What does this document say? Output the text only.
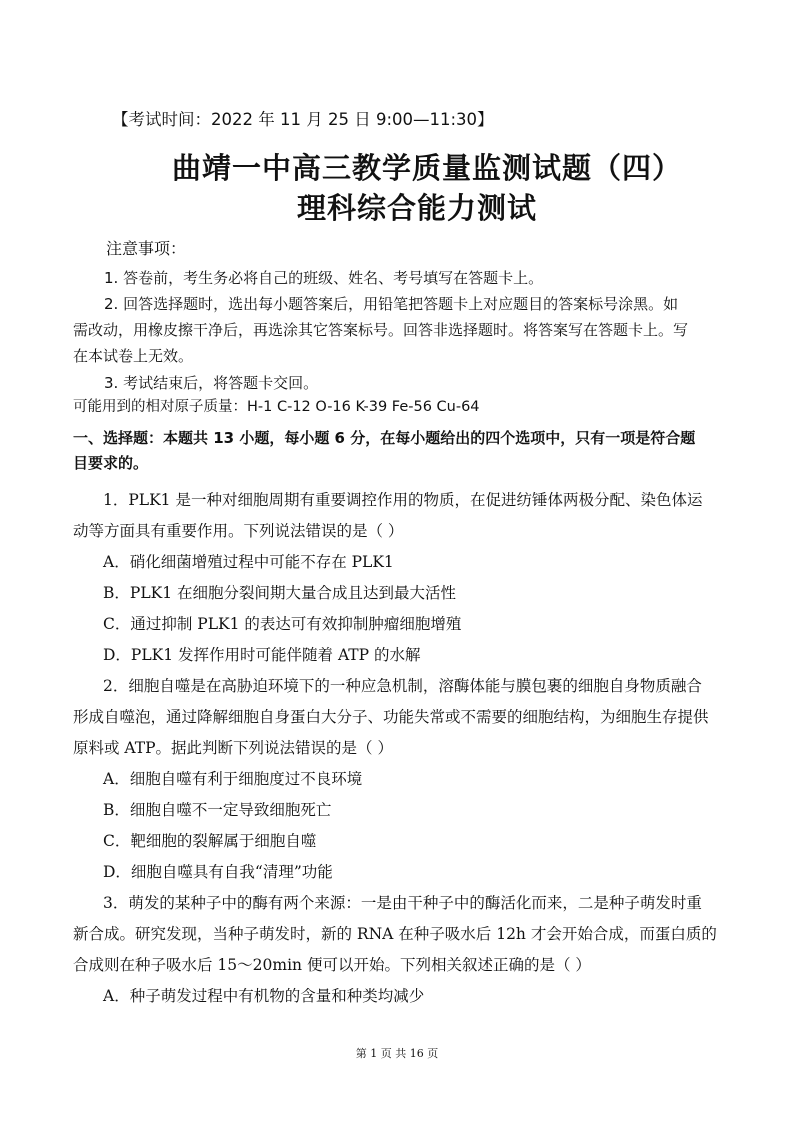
【考试时间：2022 年 11 月 25 日 9:00—11:30】
曲靖一中高三教学质量监测试题（四）
理科综合能力测试
注意事项：
1. 答卷前，考生务必将自己的班级、姓名、考号填写在答题卡上。
2. 回答选择题时，选出每小题答案后，用铅笔把答题卡上对应题目的答案标号涂黑。如
需改动，用橡皮擦干净后，再选涂其它答案标号。回答非选择题时。将答案写在答题卡上。写
在本试卷上无效。
3. 考试结束后，将答题卡交回。
可能用到的相对原子质量：H-1 C-12 O-16 K-39 Fe-56 Cu-64
一、选择题：本题共 13 小题，每小题 6 分，在每小题给出的四个选项中，只有一项是符合题
目要求的。
1．PLK1 是一种对细胞周期有重要调控作用的物质，在促进纺锤体两极分配、染色体运
动等方面具有重要作用。下列说法错误的是（ ）
A．硝化细菌增殖过程中可能不存在 PLK1
B．PLK1 在细胞分裂间期大量合成且达到最大活性
C．通过抑制 PLK1 的表达可有效抑制肿瘤细胞增殖
D．PLK1 发挥作用时可能伴随着 ATP 的水解
2．细胞自噬是在高胁迫环境下的一种应急机制，溶酶体能与膜包裹的细胞自身物质融合
形成自噬泡，通过降解细胞自身蛋白大分子、功能失常或不需要的细胞结构，为细胞生存提供
原料或 ATP。据此判断下列说法错误的是（ ）
A．细胞自噬有利于细胞度过不良环境
B．细胞自噬不一定导致细胞死亡
C．靶细胞的裂解属于细胞自噬
D．细胞自噬具有自我“清理”功能
3．萌发的某种子中的酶有两个来源：一是由干种子中的酶活化而来，二是种子萌发时重
新合成。研究发现，当种子萌发时，新的 RNA 在种子吸水后 12h 才会开始合成，而蛋白质的
合成则在种子吸水后 15～20min 便可以开始。下列相关叙述正确的是（ ）
A．种子萌发过程中有机物的含量和种类均减少
第 1 页 共 16 页
